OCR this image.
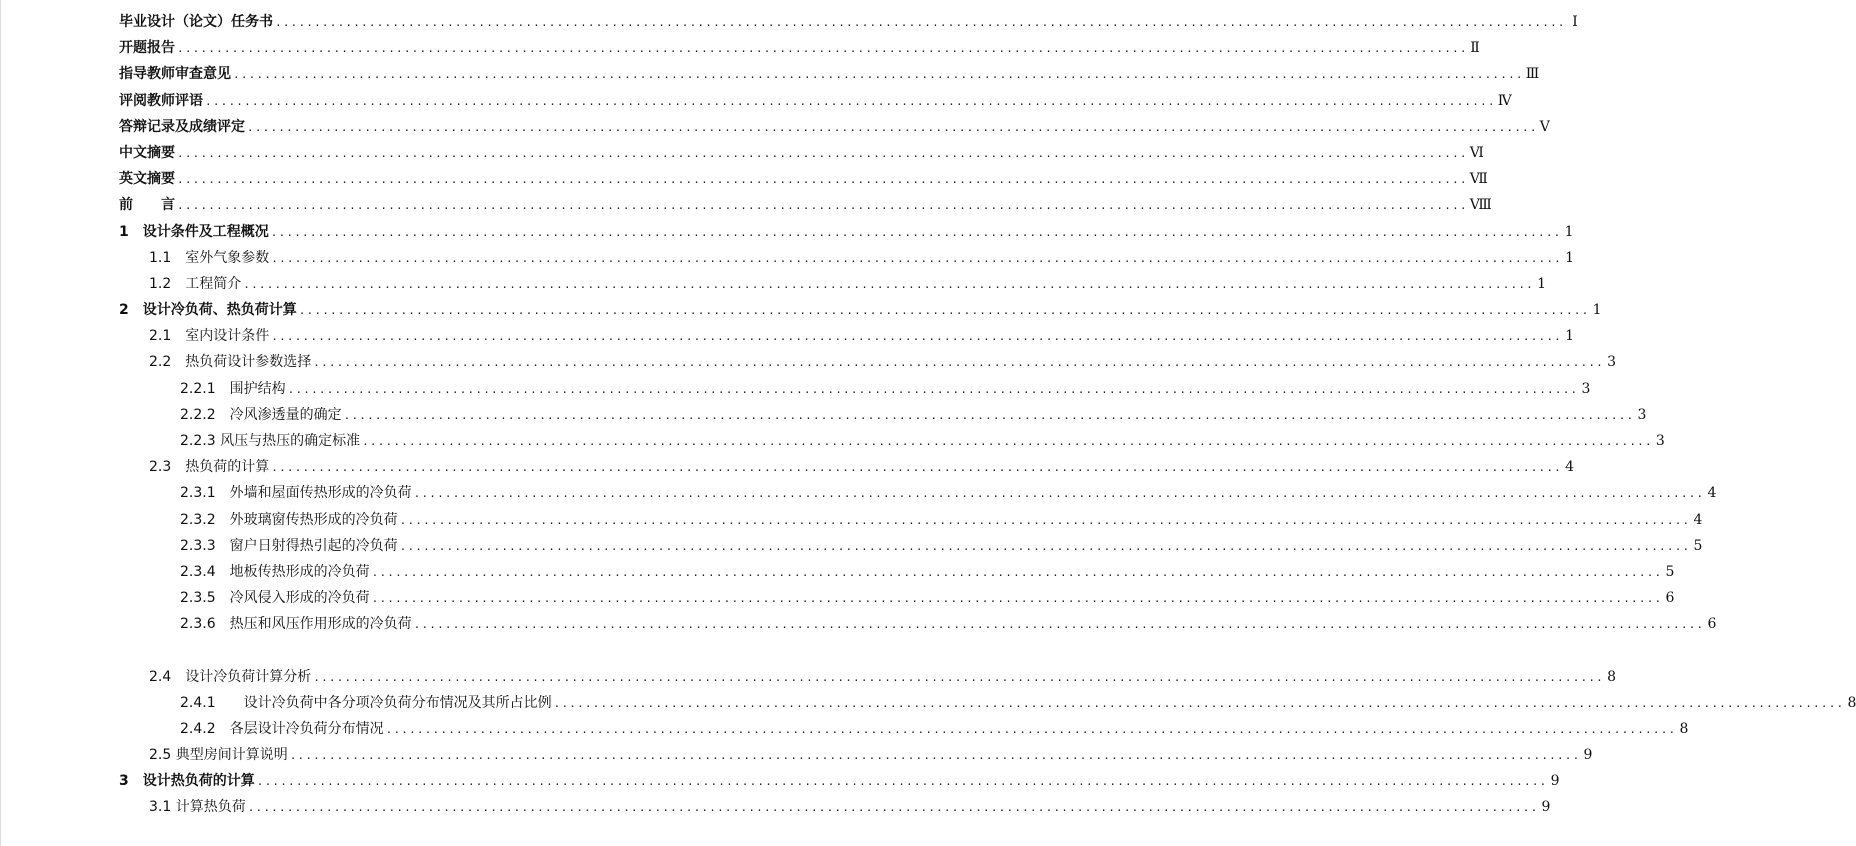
毕业设计（论文）任务书 ..................................................................................................................................................................... Ⅰ
开题报告 ..................................................................................................................................................................... Ⅱ
指导教师审查意见 ..................................................................................................................................................................... Ⅲ
评阅教师评语 ..................................................................................................................................................................... Ⅳ
答辩记录及成绩评定 ..................................................................................................................................................................... Ⅴ
中文摘要 ..................................................................................................................................................................... Ⅵ
英文摘要 ..................................................................................................................................................................... Ⅶ
前　　言 ..................................................................................................................................................................... Ⅷ
1　设计条件及工程概况 ..................................................................................................................................................................... 1
1.1　室外气象参数 ..................................................................................................................................................................... 1
1.2　工程简介 ..................................................................................................................................................................... 1
2　设计冷负荷、热负荷计算 ..................................................................................................................................................................... 1
2.1　室内设计条件 ..................................................................................................................................................................... 1
2.2　热负荷设计参数选择 ..................................................................................................................................................................... 3
2.2.1　围护结构 ..................................................................................................................................................................... 3
2.2.2　冷风渗透量的确定 ..................................................................................................................................................................... 3
2.2.3 风压与热压的确定标准 ..................................................................................................................................................................... 3
2.3　热负荷的计算 ..................................................................................................................................................................... 4
2.3.1　外墙和屋面传热形成的冷负荷 ..................................................................................................................................................................... 4
2.3.2　外玻璃窗传热形成的冷负荷 ..................................................................................................................................................................... 4
2.3.3　窗户日射得热引起的冷负荷 ..................................................................................................................................................................... 5
2.3.4　地板传热形成的冷负荷 ..................................................................................................................................................................... 5
2.3.5　冷风侵入形成的冷负荷 ..................................................................................................................................................................... 6
2.3.6　热压和风压作用形成的冷负荷 ..................................................................................................................................................................... 6
2.4　设计冷负荷计算分析 ..................................................................................................................................................................... 8
2.4.1　　设计冷负荷中各分项冷负荷分布情况及其所占比例 ..................................................................................................................................................................... 8
2.4.2　各层设计冷负荷分布情况 ..................................................................................................................................................................... 8
2.5 典型房间计算说明 ..................................................................................................................................................................... 9
3　设计热负荷的计算 ..................................................................................................................................................................... 9
3.1 计算热负荷 ..................................................................................................................................................................... 9
